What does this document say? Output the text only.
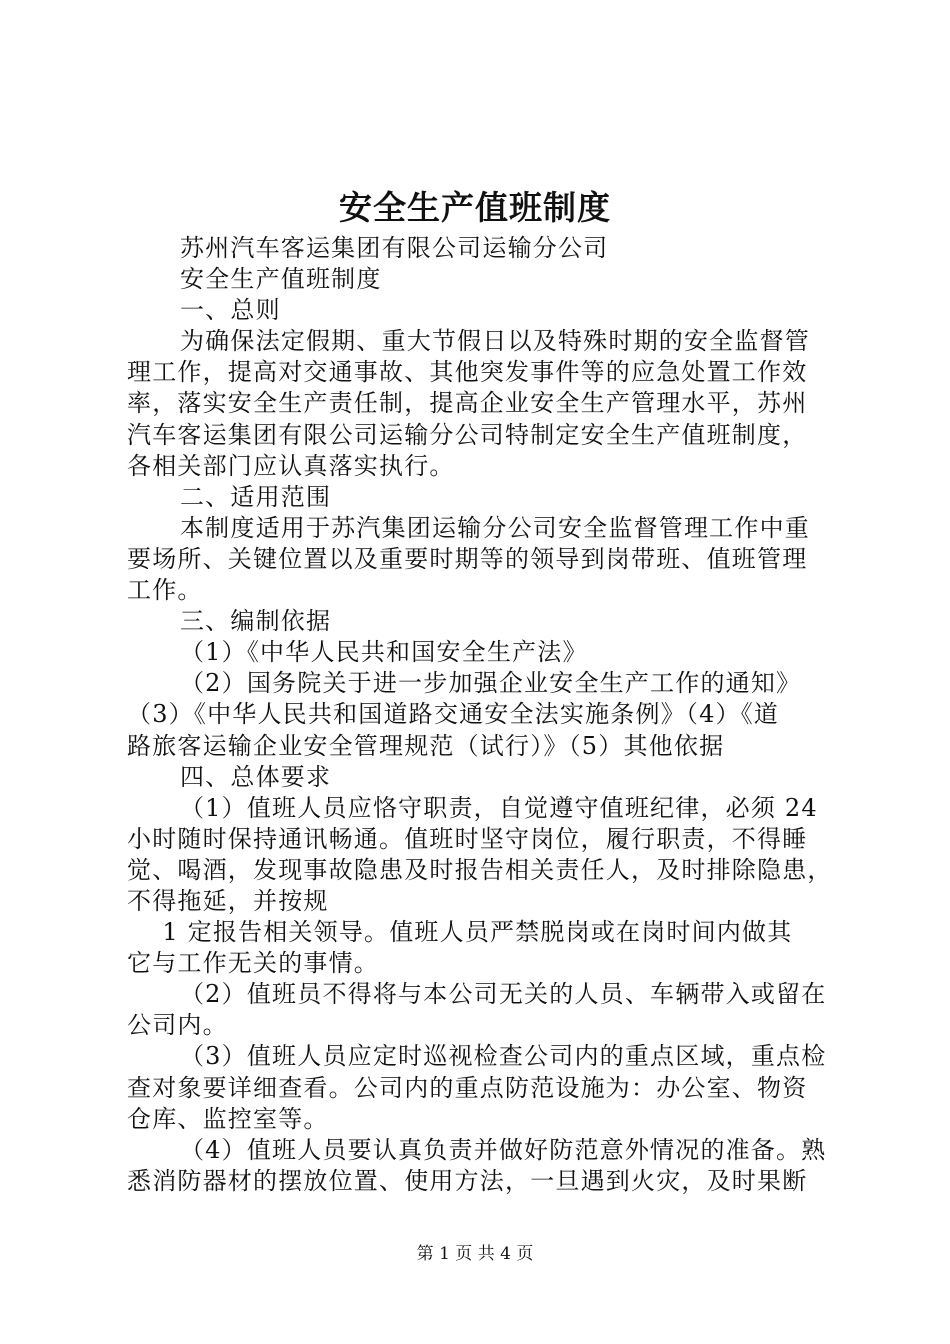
安全生产值班制度
苏州汽车客运集团有限公司运输分公司
安全生产值班制度
一、总则
为确保法定假期、重大节假日以及特殊时期的安全监督管
理工作，提高对交通事故、其他突发事件等的应急处置工作效
率，落实安全生产责任制，提高企业安全生产管理水平，苏州
汽车客运集团有限公司运输分公司特制定安全生产值班制度，
各相关部门应认真落实执行。
二、适用范围
本制度适用于苏汽集团运输分公司安全监督管理工作中重
要场所、关键位置以及重要时期等的领导到岗带班、值班管理
工作。
三、编制依据
（1）《中华人民共和国安全生产法》
（2）国务院关于进一步加强企业安全生产工作的通知》
（3）《中华人民共和国道路交通安全法实施条例》（4）《道
路旅客运输企业安全管理规范（试行）》（5）其他依据
四、总体要求
（1）值班人员应恪守职责，自觉遵守值班纪律，必须 24
小时随时保持通讯畅通。值班时坚守岗位，履行职责，不得睡
觉、喝酒，发现事故隐患及时报告相关责任人，及时排除隐患，
不得拖延，并按规
1 定报告相关领导。值班人员严禁脱岗或在岗时间内做其
它与工作无关的事情。
（2）值班员不得将与本公司无关的人员、车辆带入或留在
公司内。
（3）值班人员应定时巡视检查公司内的重点区域，重点检
查对象要详细查看。公司内的重点防范设施为：办公室、物资
仓库、监控室等。
（4）值班人员要认真负责并做好防范意外情况的准备。熟
悉消防器材的摆放位置、使用方法，一旦遇到火灾，及时果断
第 1 页 共 4 页
